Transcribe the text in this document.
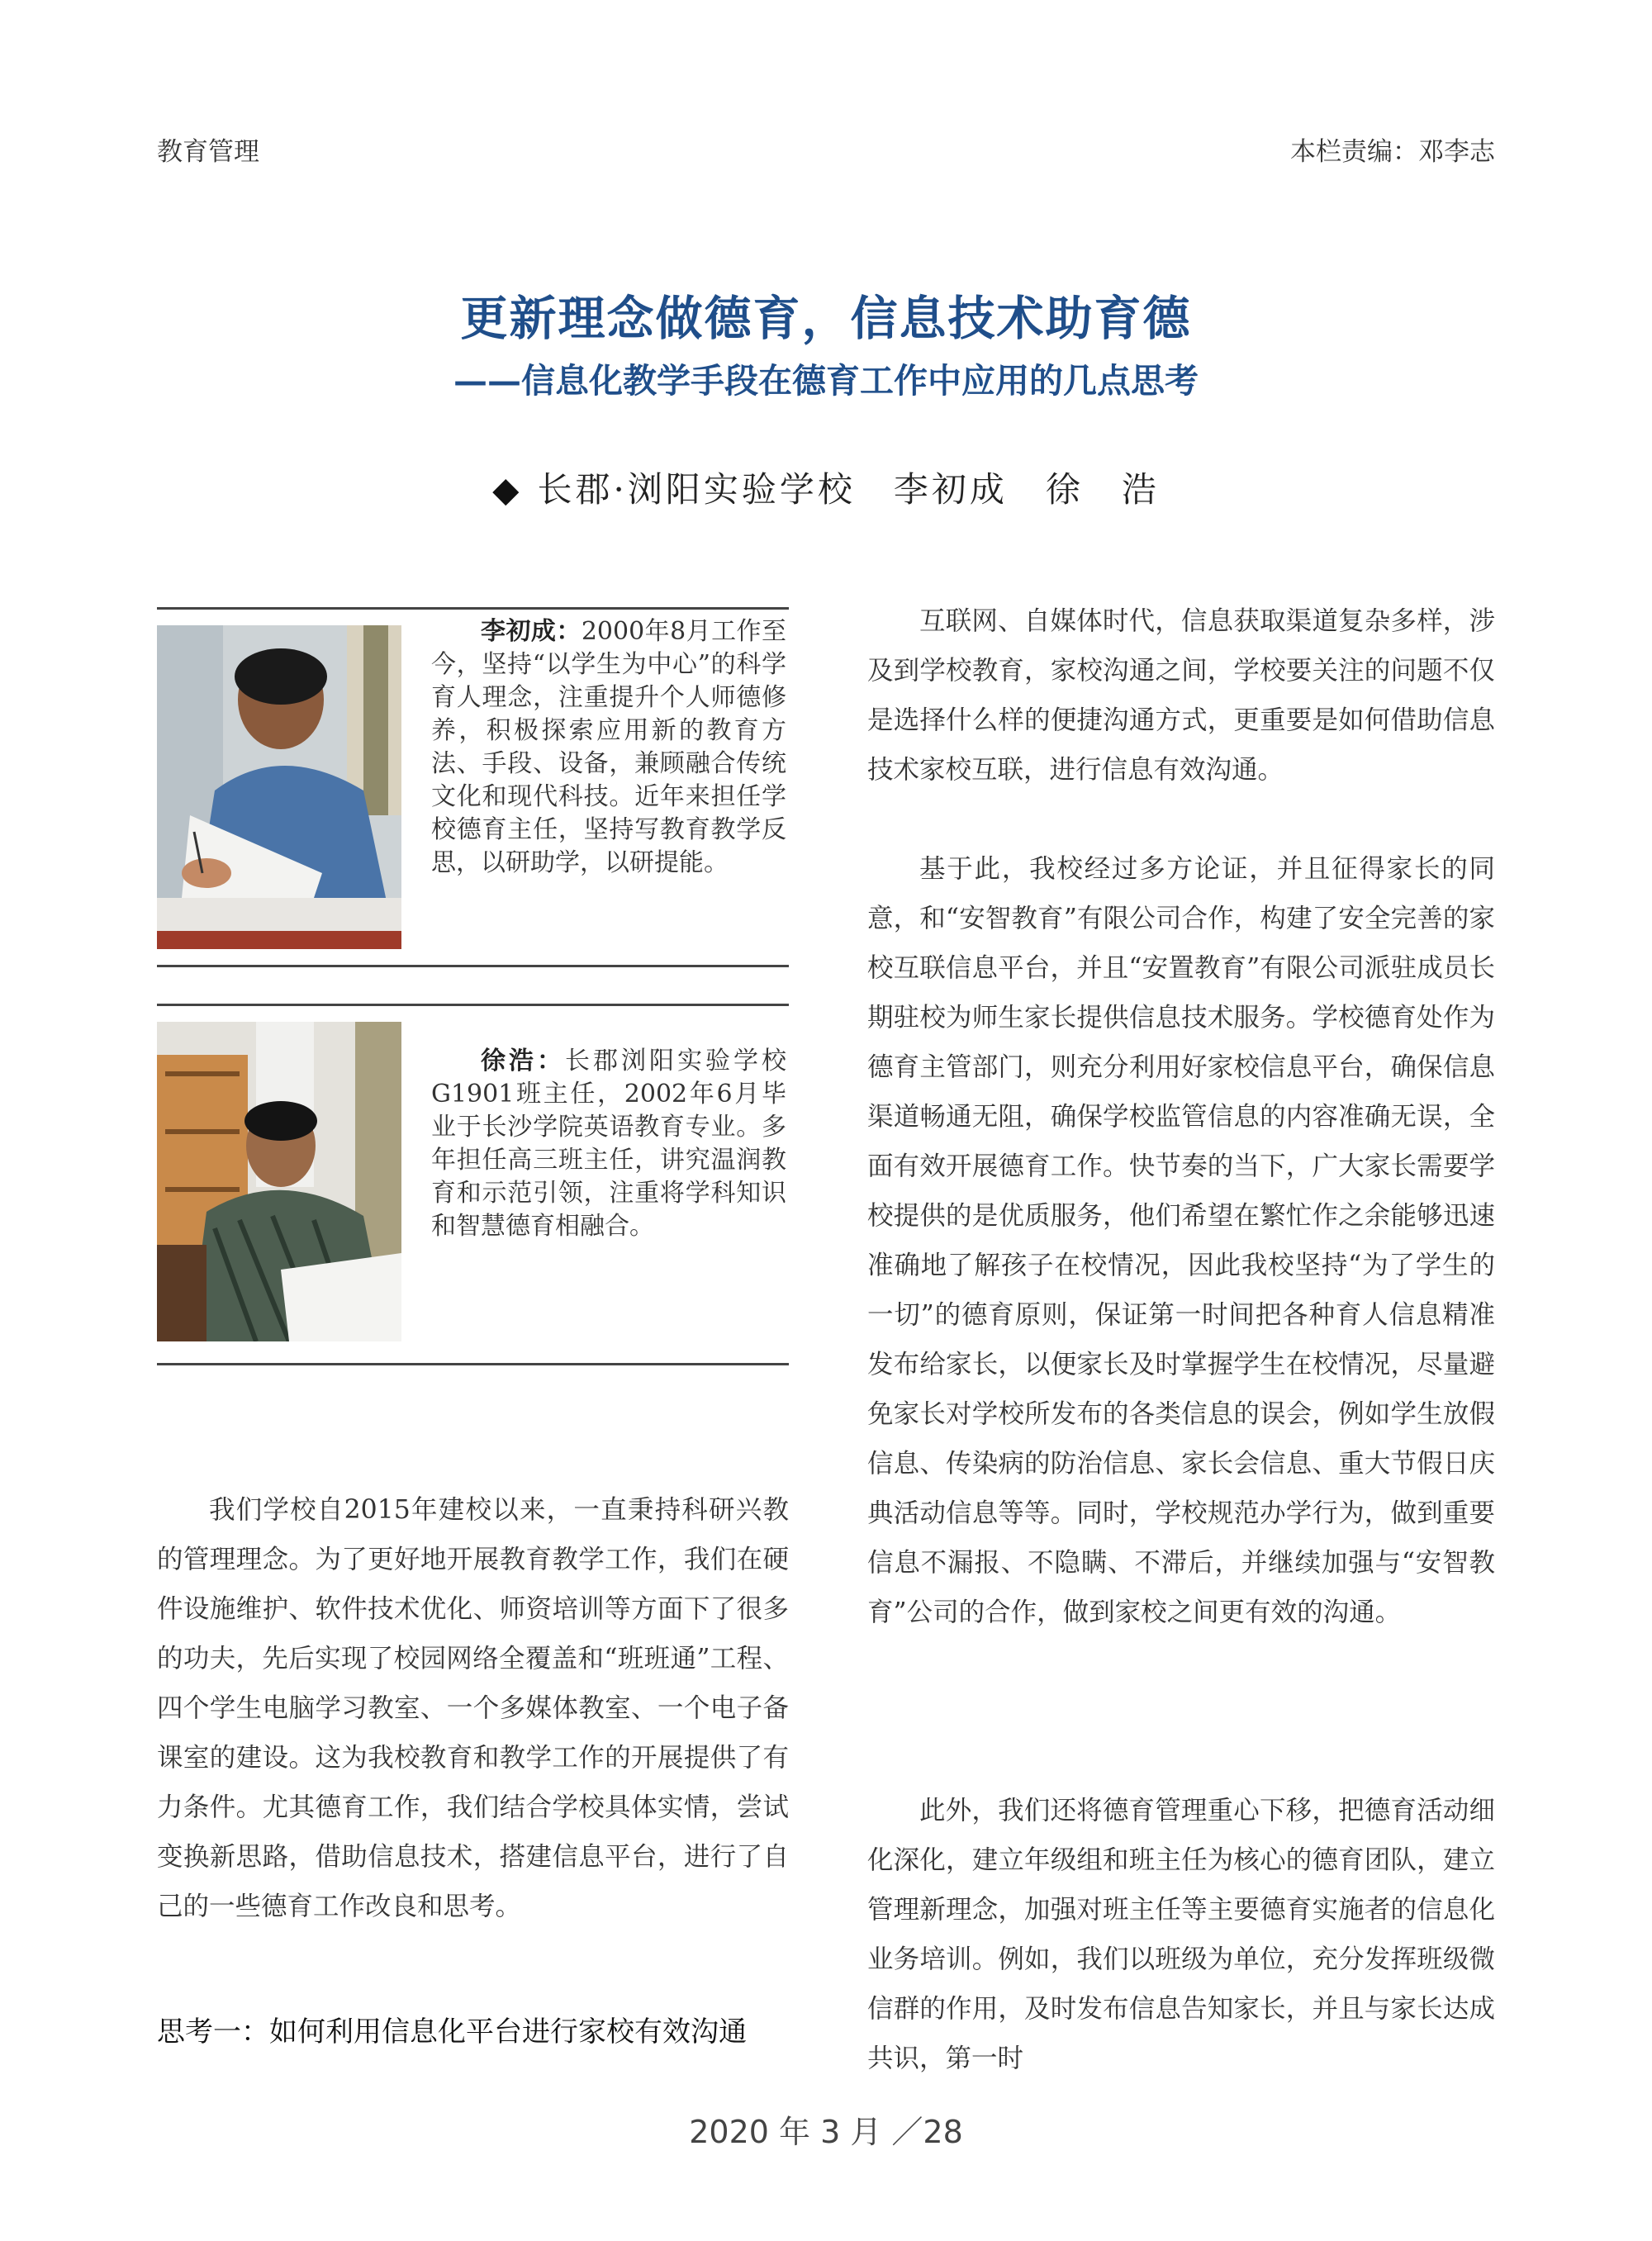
教育管理	本栏责编：邓李志
更新理念做德育，信息技术助育德
——信息化教学手段在德育工作中应用的几点思考
◆ 长郡·浏阳实验学校　李初成　徐　浩
李初成：2000年8月工作至今，坚持“以学生为中心”的科学育人理念，注重提升个人师德修养，积极探索应用新的教育方法、手段、设备，兼顾融合传统文化和现代科技。近年来担任学校德育主任，坚持写教育教学反思，以研助学，以研提能。
徐浩：长郡浏阳实验学校G1901班主任，2002年6月毕业于长沙学院英语教育专业。多年担任高三班主任，讲究温润教育和示范引领，注重将学科知识和智慧德育相融合。

我们学校自2015年建校以来，一直秉持科研兴教的管理理念。为了更好地开展教育教学工作，我们在硬件设施维护、软件技术优化、师资培训等方面下了很多的功夫，先后实现了校园网络全覆盖和“班班通”工程、四个学生电脑学习教室、一个多媒体教室、一个电子备课室的建设。这为我校教育和教学工作的开展提供了有力条件。尤其德育工作，我们结合学校具体实情，尝试变换新思路，借助信息技术，搭建信息平台，进行了自己的一些德育工作改良和思考。

思考一：如何利用信息化平台进行家校有效沟通

互联网、自媒体时代，信息获取渠道复杂多样，涉及到学校教育，家校沟通之间，学校要关注的问题不仅是选择什么样的便捷沟通方式，更重要是如何借助信息技术家校互联，进行信息有效沟通。

基于此，我校经过多方论证，并且征得家长的同意，和“安智教育”有限公司合作，构建了安全完善的家校互联信息平台，并且“安置教育”有限公司派驻成员长期驻校为师生家长提供信息技术服务。学校德育处作为德育主管部门，则充分利用好家校信息平台，确保信息渠道畅通无阻，确保学校监管信息的内容准确无误，全面有效开展德育工作。快节奏的当下，广大家长需要学校提供的是优质服务，他们希望在繁忙作之余能够迅速准确地了解孩子在校情况，因此我校坚持“为了学生的一切”的德育原则，保证第一时间把各种育人信息精准发布给家长，以便家长及时掌握学生在校情况，尽量避免家长对学校所发布的各类信息的误会，例如学生放假信息、传染病的防治信息、家长会信息、重大节假日庆典活动信息等等。同时，学校规范办学行为，做到重要信息不漏报、不隐瞒、不滞后，并继续加强与“安智教育”公司的合作，做到家校之间更有效的沟通。

此外，我们还将德育管理重心下移，把德育活动细化深化，建立年级组和班主任为核心的德育团队，建立管理新理念，加强对班主任等主要德育实施者的信息化业务培训。例如，我们以班级为单位，充分发挥班级微信群的作用，及时发布信息告知家长，并且与家长达成共识，第一时

2020 年 3 月 ／28
